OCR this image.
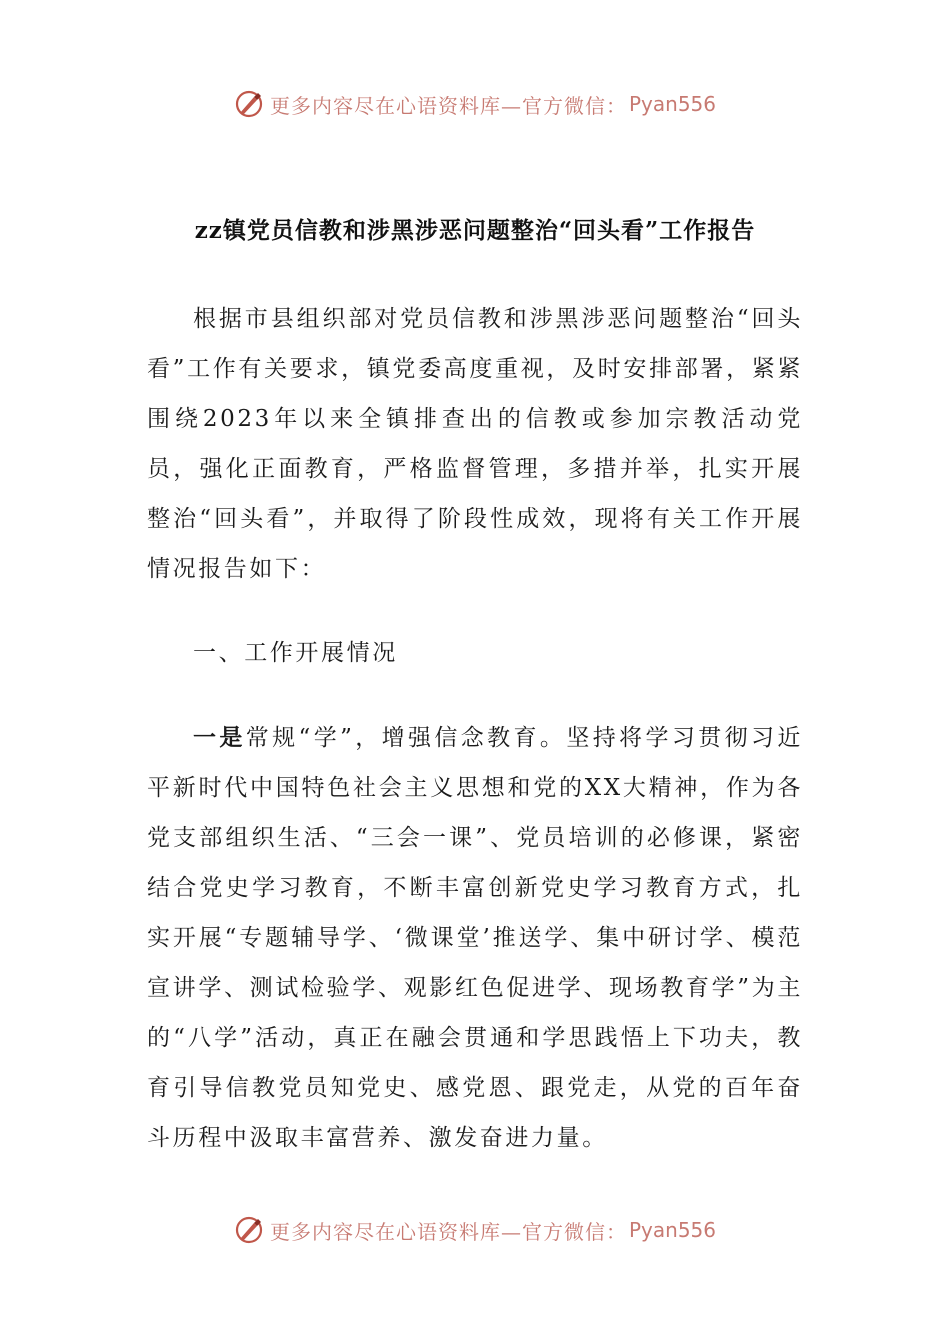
更多内容尽在心语资料库—官方微信： Pyan556
zz镇党员信教和涉黑涉恶问题整治“回头看”工作报告

根据市县组织部对党员信教和涉黑涉恶问题整治“回头看”工作有关要求，镇党委高度重视，及时安排部署，紧紧围绕2023年以来全镇排查出的信教或参加宗教活动党员，强化正面教育，严格监督管理，多措并举，扎实开展整治“回头看”，并取得了阶段性成效，现将有关工作开展情况报告如下：

一、工作开展情况

一是常规“学”，增强信念教育。坚持将学习贯彻习近平新时代中国特色社会主义思想和党的XX大精神，作为各党支部组织生活、“三会一课”、党员培训的必修课，紧密结合党史学习教育，不断丰富创新党史学习教育方式，扎实开展“专题辅导学、‘微课堂’推送学、集中研讨学、模范宣讲学、测试检验学、观影红色促进学、现场教育学”为主的“八学”活动，真正在融会贯通和学思践悟上下功夫，教育引导信教党员知党史、感党恩、跟党走，从党的百年奋斗历程中汲取丰富营养、激发奋进力量。

更多内容尽在心语资料库—官方微信： Pyan556
